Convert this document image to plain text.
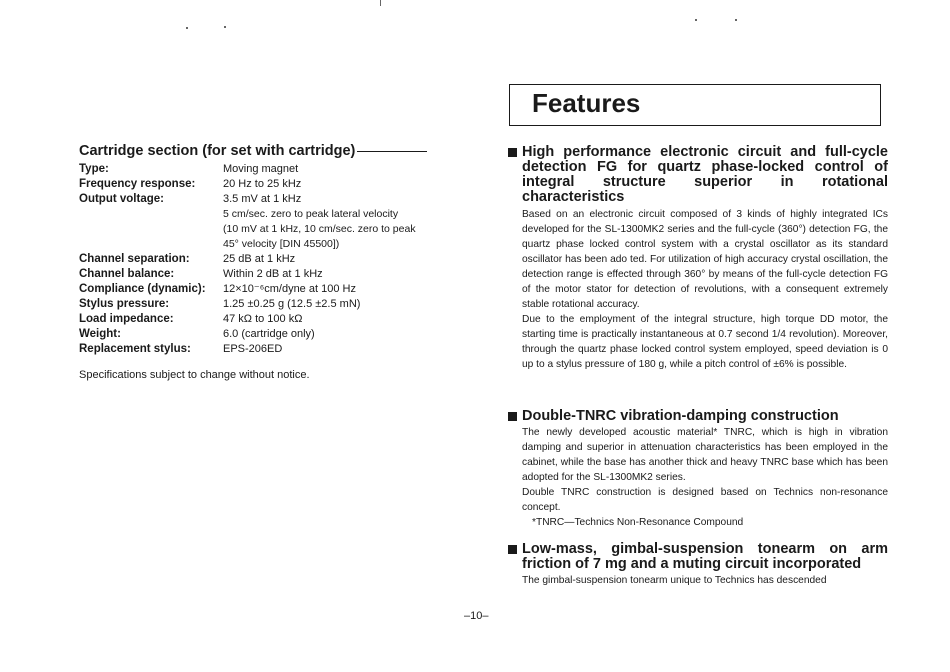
Cartridge section (for set with cartridge)
Type:	Moving magnet
Frequency response:	20 Hz to 25 kHz
Output voltage:	3.5 mV at 1 kHz
5 cm/sec. zero to peak lateral velocity
(10 mV at 1 kHz, 10 cm/sec. zero to peak
45° velocity [DIN 45500])
Channel separation:	25 dB at 1 kHz
Channel balance:	Within 2 dB at 1 kHz
Compliance (dynamic):	12×10⁻⁶cm/dyne at 100 Hz
Stylus pressure:	1.25 ±0.25 g (12.5 ±2.5 mN)
Load impedance:	47 kΩ to 100 kΩ
Weight:	6.0 (cartridge only)
Replacement stylus:	EPS-206ED
Specifications subject to change without notice.
Features
High performance electronic circuit and full-cycle detection FG for quartz phase-locked control of integral structure superior in rotational characteristics

Based on an electronic circuit composed of 3 kinds of highly integrated ICs developed for the SL-1300MK2 series and the full-cycle (360°) detection FG, the quartz phase locked control system with a crystal oscillator as its standard oscillator has been ado ted. For utilization of high accuracy crystal oscillation, the detection range is effected through 360° by means of the full-cycle detection FG of the motor stator for detection of revolutions, with a consequent extremely stable rotational accuracy.

Due to the employment of the integral structure, high torque DD motor, the starting time is practically instantaneous at 0.7 second 1/4 revolution). Moreover, through the quartz phase locked control system employed, speed deviation is 0 up to a stylus pressure of 180 g, while a pitch control of ±6% is possible.

Double-TNRC vibration-damping construction

The newly developed acoustic material* TNRC, which is high in vibration damping and superior in attenuation characteristics has been employed in the cabinet, while the base has another thick and heavy TNRC base which has been adopted for the SL-1300MK2 series.

Double TNRC construction is designed based on Technics non-resonance concept.

*TNRC—Technics Non-Resonance Compound

Low-mass, gimbal-suspension tonearm on arm friction of 7 mg and a muting circuit incorporated

The gimbal-suspension tonearm unique to Technics has descended

–10–
